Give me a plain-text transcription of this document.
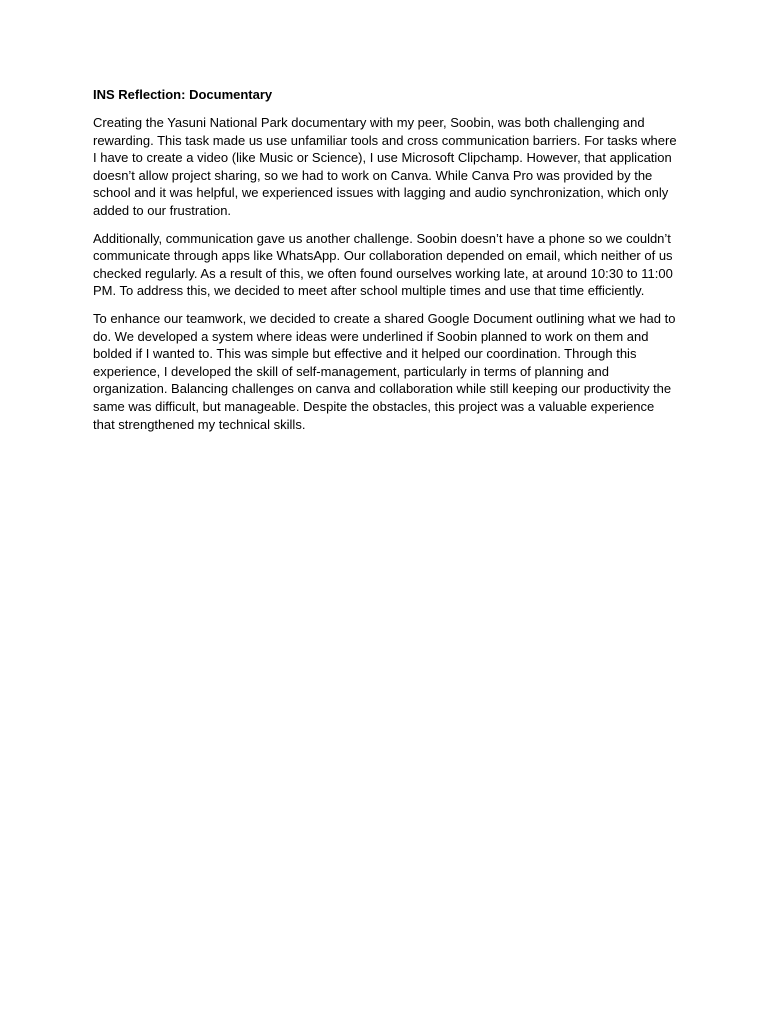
INS Reflection: Documentary

Creating the Yasuni National Park documentary with my peer, Soobin, was both challenging and rewarding. This task made us use unfamiliar tools and cross communication barriers. For tasks where I have to create a video (like Music or Science), I use Microsoft Clipchamp. However, that application doesn’t allow project sharing, so we had to work on Canva. While Canva Pro was provided by the school and it was helpful, we experienced issues with lagging and audio synchronization, which only added to our frustration.

Additionally, communication gave us another challenge. Soobin doesn’t have a phone so we couldn’t communicate through apps like WhatsApp. Our collaboration depended on email, which neither of us checked regularly. As a result of this, we often found ourselves working late, at around 10:30 to 11:00 PM. To address this, we decided to meet after school multiple times and use that time efficiently.

To enhance our teamwork, we decided to create a shared Google Document outlining what we had to do. We developed a system where ideas were underlined if Soobin planned to work on them and bolded if I wanted to. This was simple but effective and it helped our coordination. Through this experience, I developed the skill of self-management, particularly in terms of planning and organization. Balancing challenges on canva and collaboration while still keeping our productivity the same was difficult, but manageable. Despite the obstacles, this project was a valuable experience that strengthened my technical skills.
